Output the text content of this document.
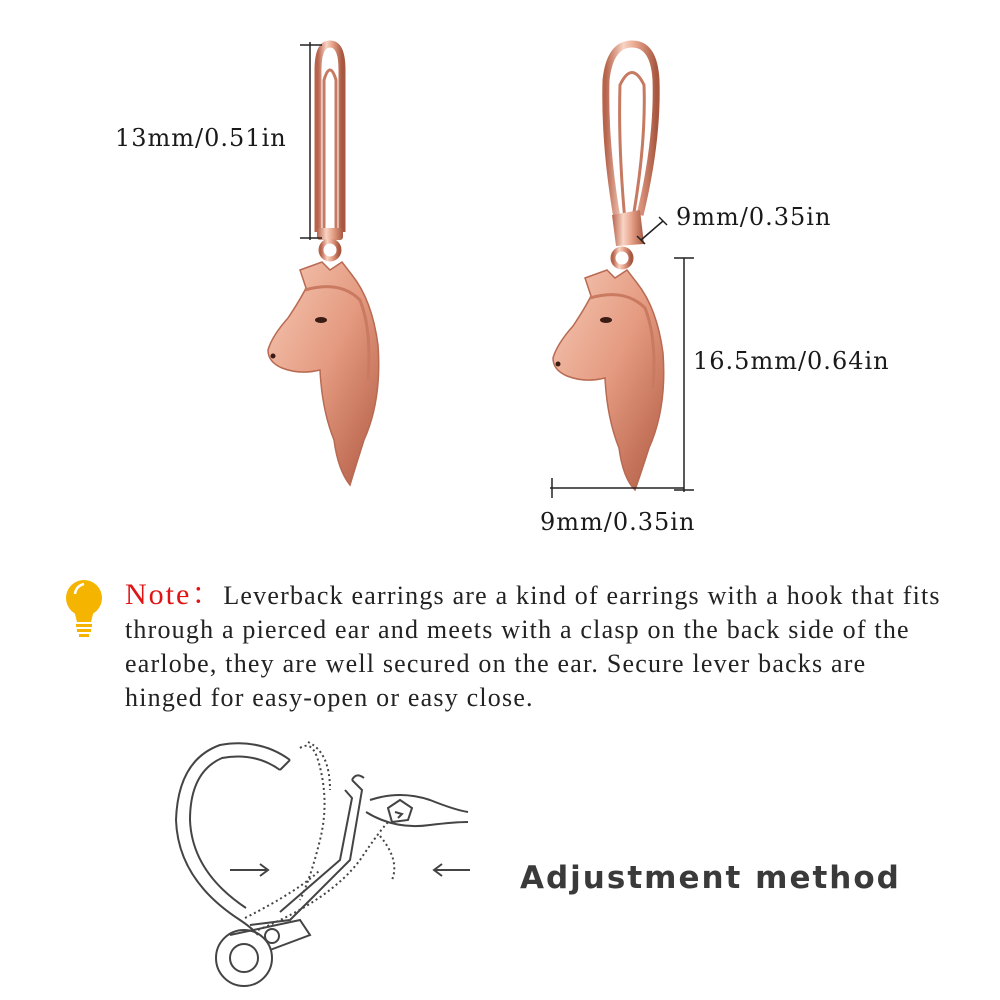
13mm/0.51in
9mm/0.35in
16.5mm/0.64in
9mm/0.35in
Note：Leverback earrings are a kind of earrings with a hook that fits through a pierced ear and meets with a clasp on the back side of the earlobe, they are well secured on the ear. Secure lever backs are hinged for easy-open or easy close.
Adjustment method
